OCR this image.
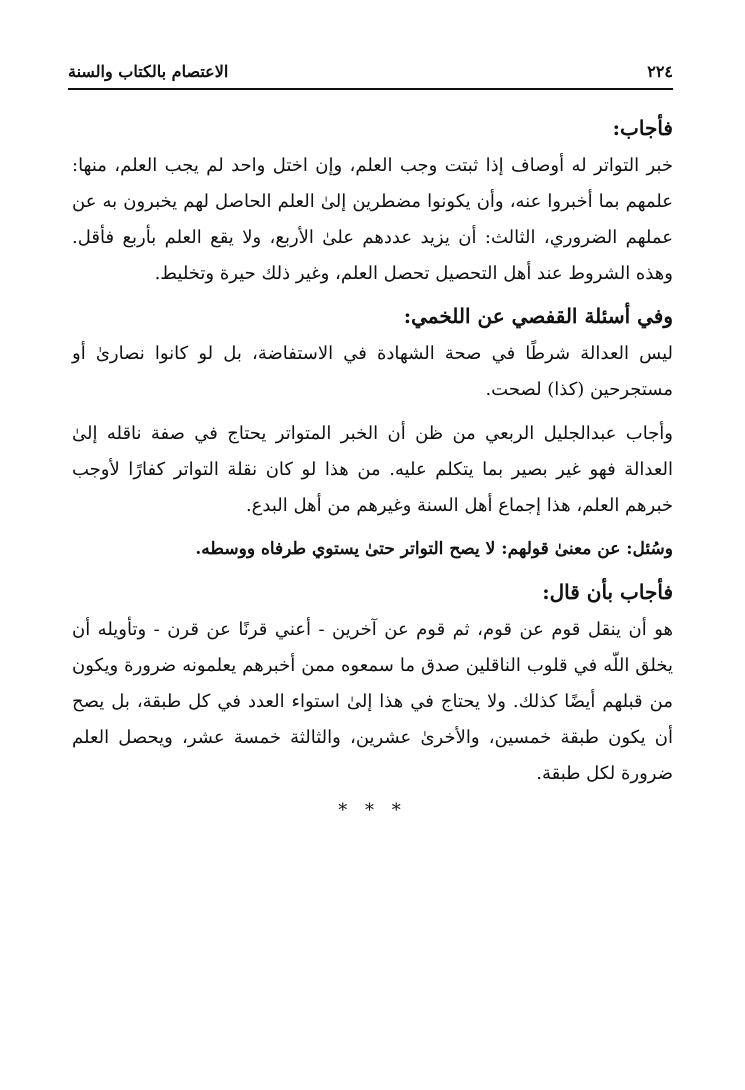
الاعتصام بالكتاب والسنة	٢٢٤
فأجاب:

خبر التواتر له أوصاف إذا ثبتت وجب العلم، وإن اختل واحد لم يجب العلم، منها: علمهم بما أخبروا عنه، وأن يكونوا مضطرين إلىٰ العلم الحاصل لهم يخبرون به عن عملهم الضروري، الثالث: أن يزيد عددهم علىٰ الأربع، ولا يقع العلم بأربع فأقل. وهذه الشروط عند أهل التحصيل تحصل العلم، وغير ذلك حيرة وتخليط.

وفي أسئلة القفصي عن اللخمي:

ليس العدالة شرطًا في صحة الشهادة في الاستفاضة، بل لو كانوا نصارىٰ أو مستجرحين (كذا) لصحت.

وأجاب عبدالجليل الربعي من ظن أن الخبر المتواتر يحتاج في صفة ناقله إلىٰ العدالة فهو غير بصير بما يتكلم عليه. من هذا لو كان نقلة التواتر كفارًا لأوجب خبرهم العلم، هذا إجماع أهل السنة وغيرهم من أهل البدع.

وسُئل: عن معنىٰ قولهم: لا يصح التواتر حتىٰ يستوي طرفاه ووسطه.
فأجاب بأن قال:

هو أن ينقل قوم عن قوم، ثم قوم عن آخرين - أعني قرنًا عن قرن - وتأويله أن يخلق اللّه في قلوب الناقلين صدق ما سمعوه ممن أخبرهم يعلمونه ضرورة ويكون من قبلهم أيضًا كذلك. ولا يحتاج في هذا إلىٰ استواء العدد في كل طبقة، بل يصح أن يكون طبقة خمسين، والأخرىٰ عشرين، والثالثة خمسة عشر، ويحصل العلم ضرورة لكل طبقة.

* * *
